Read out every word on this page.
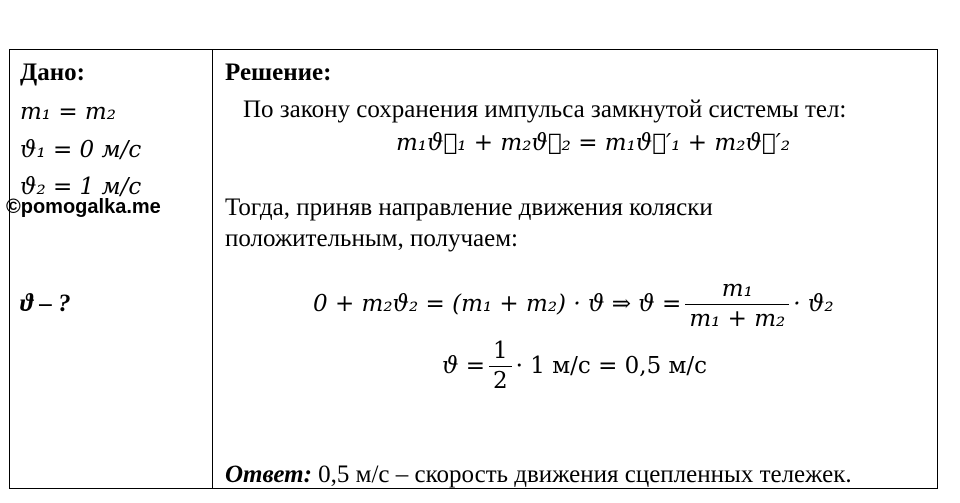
Дано:
m₁ = m₂
ϑ₁ = 0 м/с
ϑ₂ = 1 м/с
©pomogalka.me
ϑ – ?
Решение:
По закону сохранения импульса замкнутой системы тел:
m₁ϑ⃗₁ + m₂ϑ⃗₂ = m₁ϑ⃗′₁ + m₂ϑ⃗′₂
Тогда, приняв направление движения коляски
положительным, получаем:
0 + m₂ϑ₂ = (m₁ + m₂) · ϑ ⇒ $ϑ = \frac{\text{m₁}}{\text{m₁ + m₂}} \cdot ϑ_2$
$ϑ = \frac{1}{2} \cdot 1$ м/с = 0,5 м/с
Ответ: 0,5 м/с – скорость движения сцепленных тележек.
